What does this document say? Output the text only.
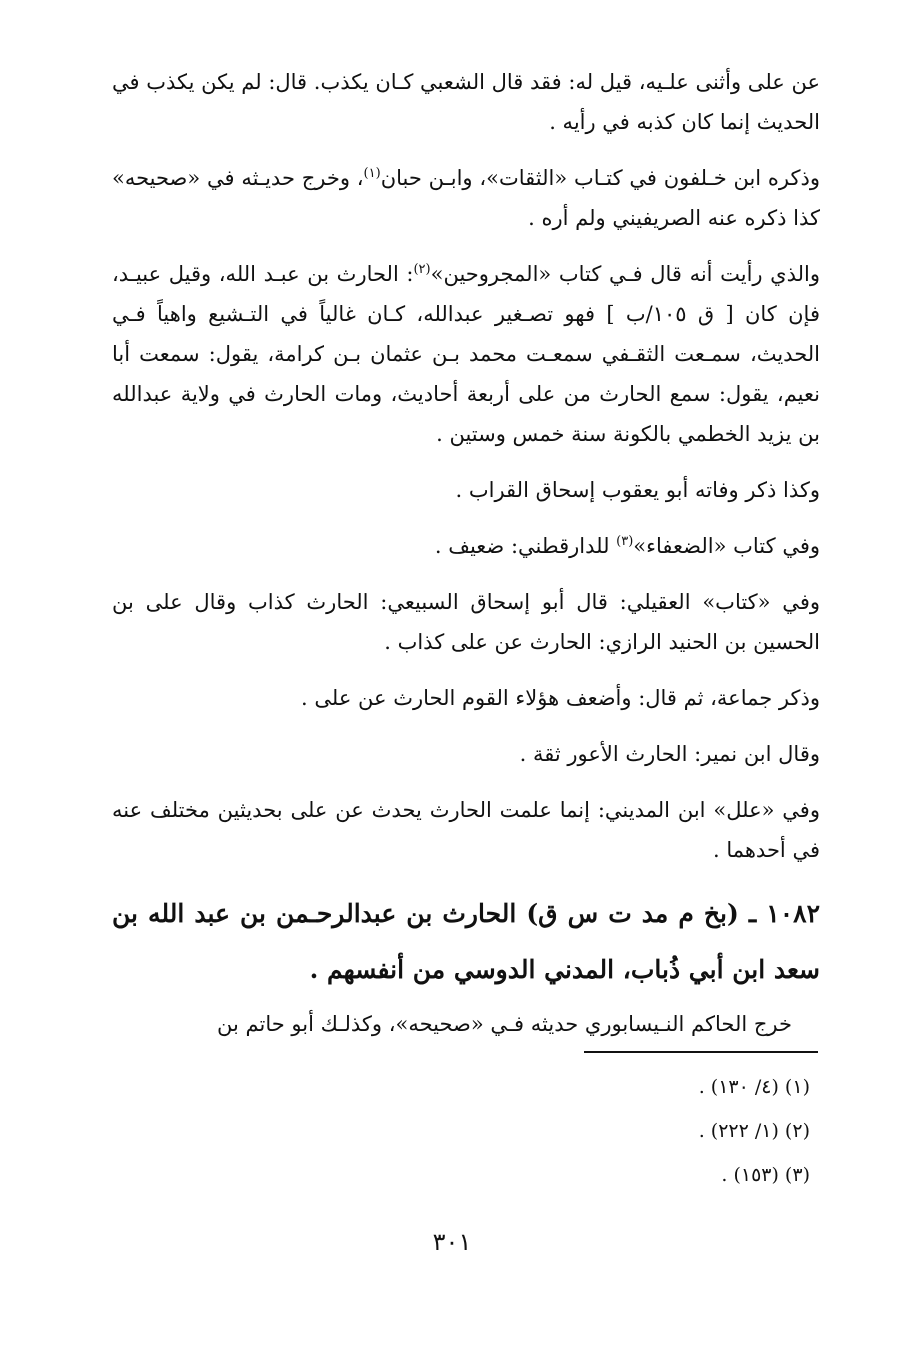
عن على وأثنى علـيه، قيل له: فقد قال الشعبي كـان يكذب. قال: لم يكن يكذب في الحديث إنما كان كذبه في رأيه .

وذكره ابن خـلفون في كتـاب «الثقات»، وابـن حبان$^{(١)}$، وخرج حديـثه في «صحيحه» كذا ذكره عنه الصريفيني ولم أره .

والذي رأيت أنه قال فـي كتاب «المجروحين»$^{(٢)}$: الحارث بن عبـد الله، وقيل عبيـد، فإن كان [ ق ١٠٥/ب ] فهو تصـغير عبدالله، كـان غالياً في التـشيع واهياً فـي الحديث، سمـعت الثقـفي سمعـت محمد بـن عثمان بـن كرامة، يقول: سمعت أبا نعيم، يقول: سمع الحارث من على أربعة أحاديث، ومات الحارث في ولاية عبدالله بن يزيد الخطمي بالكونة سنة خمس وستين .

وكذا ذكر وفاته أبو يعقوب إسحاق القراب .

وفي كتاب «الضعفاء»$^{(٣)}$ للدارقطني: ضعيف .

وفي «كتاب» العقيلي: قال أبو إسحاق السبيعي: الحارث كذاب وقال على بن الحسين بن الحنيد الرازي: الحارث عن على كذاب .

وذكر جماعة، ثم قال: وأضعف هؤلاء القوم الحارث عن على .

وقال ابن نمير: الحارث الأعور ثقة .

وفي «علل» ابن المديني: إنما علمت الحارث يحدث عن على بحديثين مختلف عنه في أحدهما .

١٠٨٢ ـ (بخ م مد ت س ق) الحارث بن عبدالرحـمن بن عبد الله بن سعد ابن أبي ذُباب، المدني الدوسي من أنفسهم .

خرج الحاكم النـيسابوري حديثه فـي «صحيحه»، وكذلـك أبو حاتم بن

(١) (٤/ ١٣٠) .
(٢) (١/ ٢٢٢) .
(٣) (١٥٣) .
٣٠١
